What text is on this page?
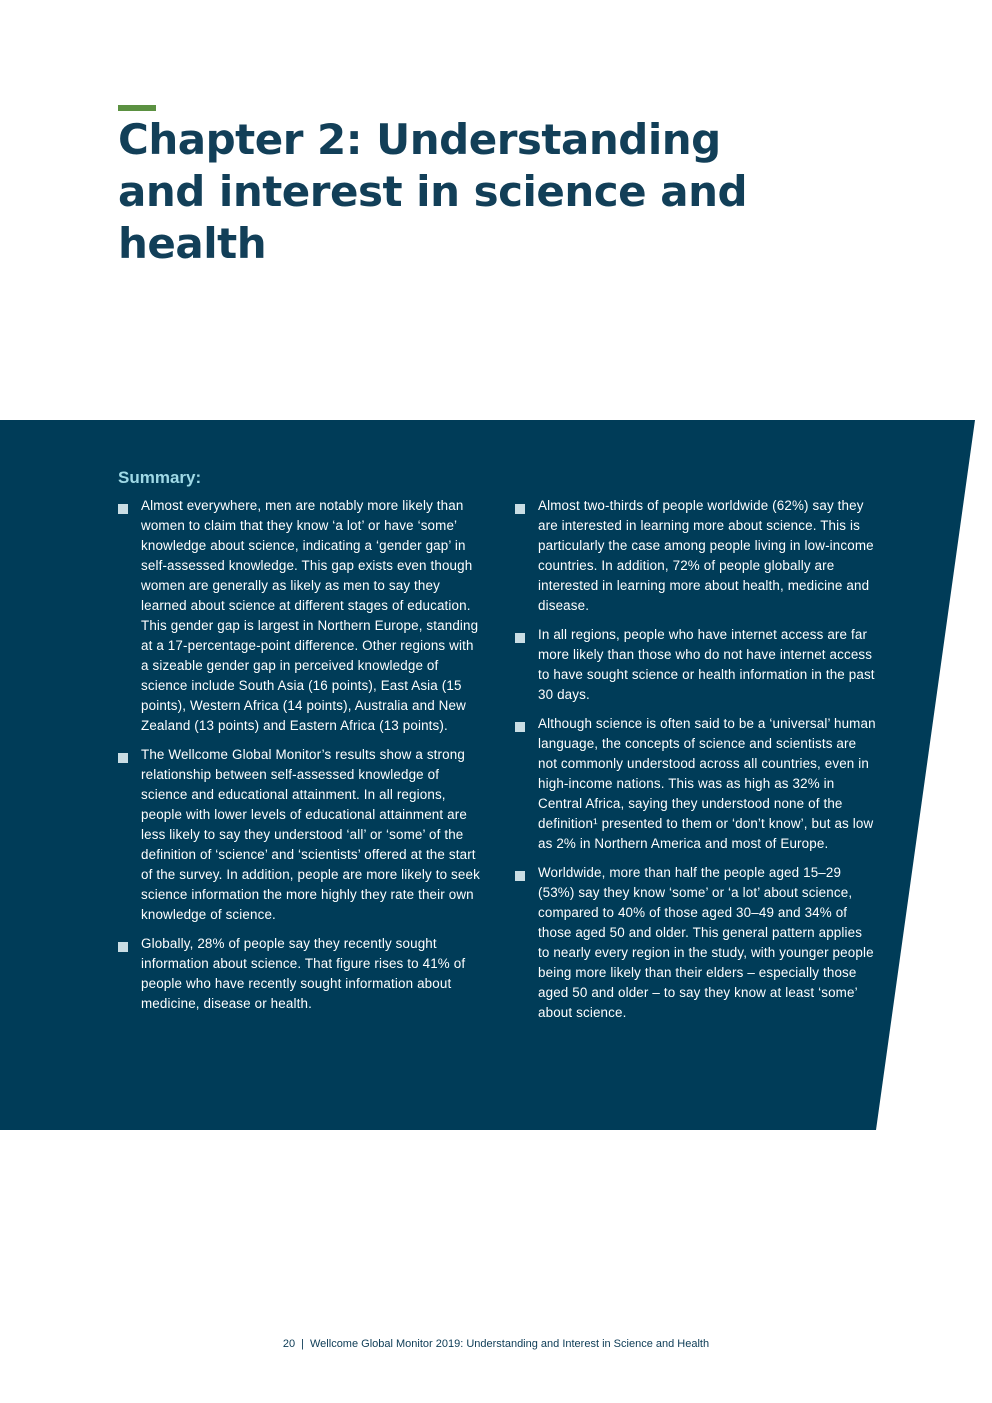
Chapter 2: Understanding and interest in science and health
Summary:
Almost everywhere, men are notably more likely than women to claim that they know ‘a lot’ or have ‘some’ knowledge about science, indicating a ‘gender gap’ in self-assessed knowledge. This gap exists even though women are generally as likely as men to say they learned about science at different stages of education. This gender gap is largest in Northern Europe, standing at a 17-percentage-point difference. Other regions with a sizeable gender gap in perceived knowledge of science include South Asia (16 points), East Asia (15 points), Western Africa (14 points), Australia and New Zealand (13 points) and Eastern Africa (13 points).
The Wellcome Global Monitor’s results show a strong relationship between self-assessed knowledge of science and educational attainment. In all regions, people with lower levels of educational attainment are less likely to say they understood ‘all’ or ‘some’ of the definition of ‘science’ and ‘scientists’ offered at the start of the survey. In addition, people are more likely to seek science information the more highly they rate their own knowledge of science.
Globally, 28% of people say they recently sought information about science. That figure rises to 41% of people who have recently sought information about medicine, disease or health.
Almost two-thirds of people worldwide (62%) say they are interested in learning more about science. This is particularly the case among people living in low-income countries. In addition, 72% of people globally are interested in learning more about health, medicine and disease.
In all regions, people who have internet access are far more likely than those who do not have internet access to have sought science or health information in the past 30 days.
Although science is often said to be a ‘universal’ human language, the concepts of science and scientists are not commonly understood across all countries, even in high-income nations. This was as high as 32% in Central Africa, saying they understood none of the definition¹ presented to them or ‘don’t know’, but as low as 2% in Northern America and most of Europe.
Worldwide, more than half the people aged 15–29 (53%) say they know ‘some’ or ‘a lot’ about science, compared to 40% of those aged 30–49 and 34% of those aged 50 and older. This general pattern applies to nearly every region in the study, with younger people being more likely than their elders – especially those aged 50 and older – to say they know at least ‘some’ about science.
20 | Wellcome Global Monitor 2019: Understanding and Interest in Science and Health
